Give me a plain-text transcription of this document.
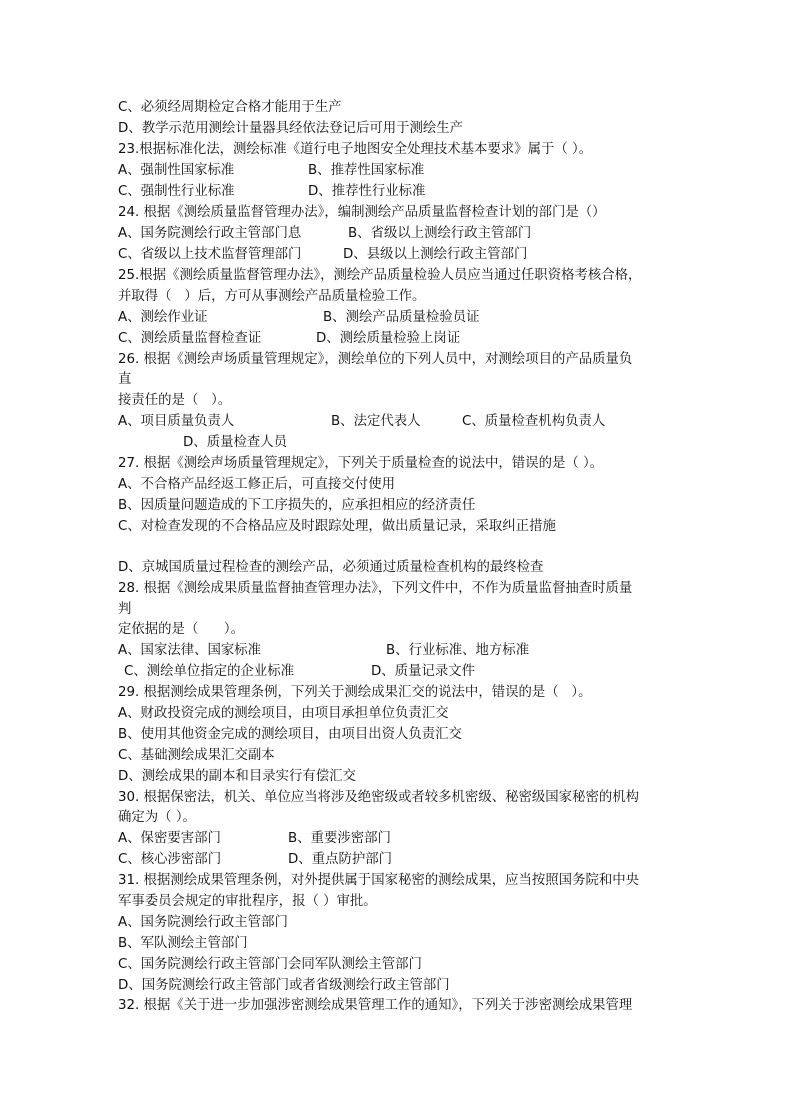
C、必须经周期检定合格才能用于生产
D、教学示范用测绘计量器具经依法登记后可用于测绘生产
23.根据标准化法，测绘标准《道行电子地图安全处理技术基本要求》属于（ ）。
A、强制性国家标准	B、推荐性国家标准
C、强制性行业标准	D、推荐性行业标准
24. 根据《测绘质量监督管理办法》，编制测绘产品质量监督检查计划的部门是（）
A、国务院测绘行政主管部门息	B、省级以上测绘行政主管部门
C、省级以上技术监督管理部门	D、县级以上测绘行政主管部门
25.根据《测绘质量监督管理办法》，测绘产品质量检验人员应当通过任职资格考核合格，
并取得（   ）后，方可从事测绘产品质量检验工作。
A、测绘作业证	B、测绘产品质量检验员证
C、测绘质量监督检查证	D、测绘质量检验上岗证
26. 根据《测绘声场质量管理规定》，测绘单位的下列人员中，对测绘项目的产品质量负
直
接责任的是（   ）。
A、项目质量负责人	B、法定代表人	C、质量检查机构负责人
D、质量检查人员
27. 根据《测绘声场质量管理规定》，下列关于质量检查的说法中，错误的是（ ）。
A、不合格产品经返工修正后，可直接交付使用
B、因质量问题造成的下工序损失的，应承担相应的经济责任
C、对检查发现的不合格品应及时跟踪处理，做出质量记录，采取纠正措施
D、京城国质量过程检查的测绘产品，必须通过质量检查机构的最终检查
28. 根据《测绘成果质量监督抽查管理办法》，下列文件中，不作为质量监督抽查时质量
判
定依据的是（      ）。
A、国家法律、国家标准	B、行业标准、地方标准
C、测绘单位指定的企业标准	D、质量记录文件
29. 根据测绘成果管理条例，下列关于测绘成果汇交的说法中，错误的是（   ）。
A、财政投资完成的测绘项目，由项目承担单位负责汇交
B、使用其他资金完成的测绘项目，由项目出资人负责汇交
C、基础测绘成果汇交副本
D、测绘成果的副本和目录实行有偿汇交
30. 根据保密法，机关、单位应当将涉及绝密级或者较多机密级、秘密级国家秘密的机构
确定为（ ）。
A、保密要害部门	B、重要涉密部门
C、核心涉密部门	D、重点防护部门
31. 根据测绘成果管理条例，对外提供属于国家秘密的测绘成果，应当按照国务院和中央
军事委员会规定的审批程序，报（ ）审批。
A、国务院测绘行政主管部门
B、军队测绘主管部门
C、国务院测绘行政主管部门会同军队测绘主管部门
D、国务院测绘行政主管部门或者省级测绘行政主管部门
32. 根据《关于进一步加强涉密测绘成果管理工作的通知》，下列关于涉密测绘成果管理
